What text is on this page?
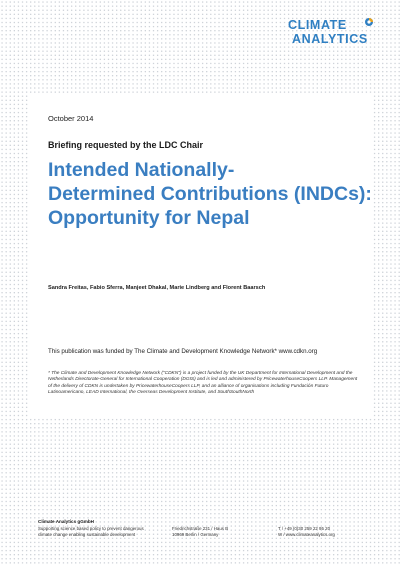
CLIMATE
ANALYTICS
October 2014
Briefing requested by the LDC Chair
Intended Nationally-
Determined Contributions (INDCs):
Opportunity for Nepal
Sandra Freitas, Fabio Sferra, Manjeet Dhakal, Marie Lindberg and Florent Baarsch
This publication was funded by The Climate and Development Knowledge Network* www.cdkn.org

* The Climate and Development Knowledge Network ("CDKN") is a project funded by the UK Department for International Development and the Netherlands Directorate-General for International Cooperation (DGIS) and is led and administered by PricewaterhouseCoopers LLP. Management of the delivery of CDKN is undertaken by PricewaterhouseCoopers LLP, and an alliance of organisations including Fundación Futuro Latinoamericano, LEAD International, the Overseas Development Institute, and SouthSouthNorth

Climate Analytics gGmbH
Supporting science based policy to prevent dangerous
climate change enabling sustainable development
Friedrichstraße 231 / Haus B
10969 Berlin / Germany
T / +49 (0)30 259 22 95 20
W / www.climateanalytics.org
